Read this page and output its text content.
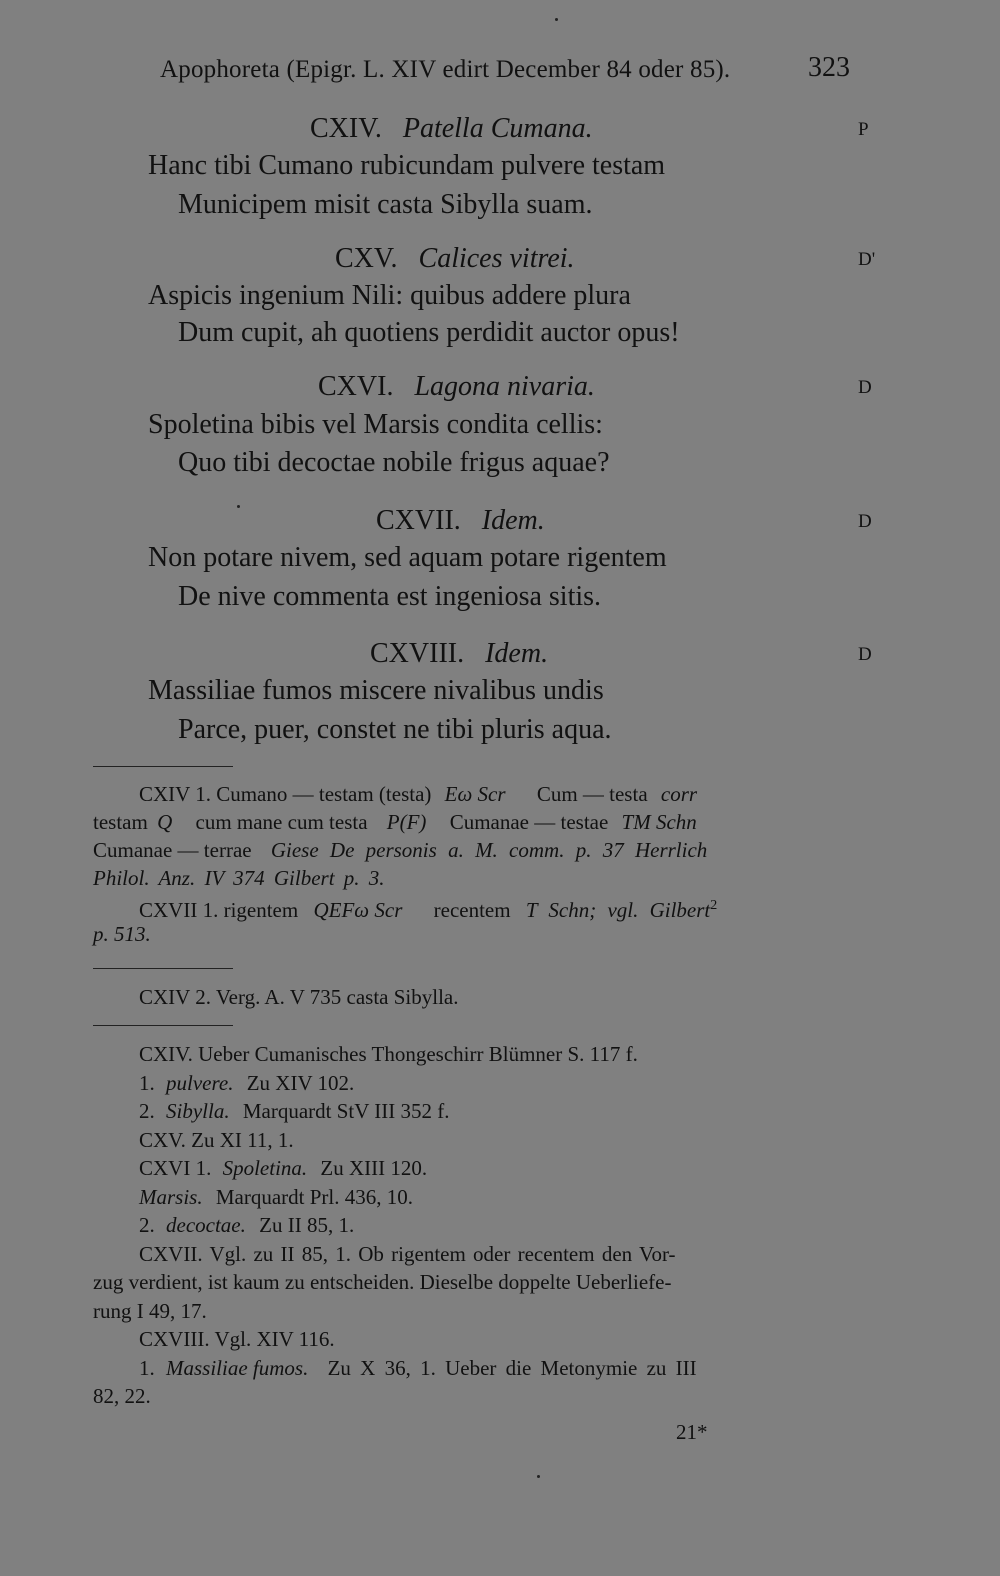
Apophoreta (Epigr. L. XIV edirt December 84 oder 85).	323
CXIV. Patella Cumana.	P
Hanc tibi Cumano rubicundam pulvere testam
Municipem misit casta Sibylla suam.
CXV. Calices vitrei.	D'
Aspicis ingenium Nili: quibus addere plura
Dum cupit, ah quotiens perdidit auctor opus!
CXVI. Lagona nivaria.	D
Spoletina bibis vel Marsis condita cellis:
Quo tibi decoctae nobile frigus aquae?
CXVII. Idem.	D
Non potare nivem, sed aquam potare rigentem
De nive commenta est ingeniosa sitis.
CXVIII. Idem.	D
Massiliae fumos miscere nivalibus undis
Parce, puer, constet ne tibi pluris aqua.
CXIV 1. Cumano — testam (testa) Eω Scr Cum — testa corr
testam Q cum mane cum testa P(F) Cumanae — testae TM Schn
Cumanae — terrae Giese De personis a. M. comm. p. 37 Herrlich
Philol. Anz. IV 374 Gilbert p. 3.
CXVII 1. rigentem QEFω Scr recentem T Schn; vgl. Gilbert$^2$
p. 513.
CXIV 2. Verg. A. V 735 casta Sibylla.
CXIV. Ueber Cumanisches Thongeschirr Blümner S. 117 f.
1. pulvere. Zu XIV 102.
2. Sibylla. Marquardt StV III 352 f.
CXV. Zu XI 11, 1.
CXVI 1. Spoletina. Zu XIII 120.
Marsis. Marquardt Prl. 436, 10.
2. decoctae. Zu II 85, 1.
CXVII. Vgl. zu II 85, 1. Ob rigentem oder recentem den Vor-
zug verdient, ist kaum zu entscheiden. Dieselbe doppelte Ueberliefe-
rung I 49, 17.
CXVIII. Vgl. XIV 116.
1. Massiliae fumos. Zu X 36, 1. Ueber die Metonymie zu III
82, 22.
21*
